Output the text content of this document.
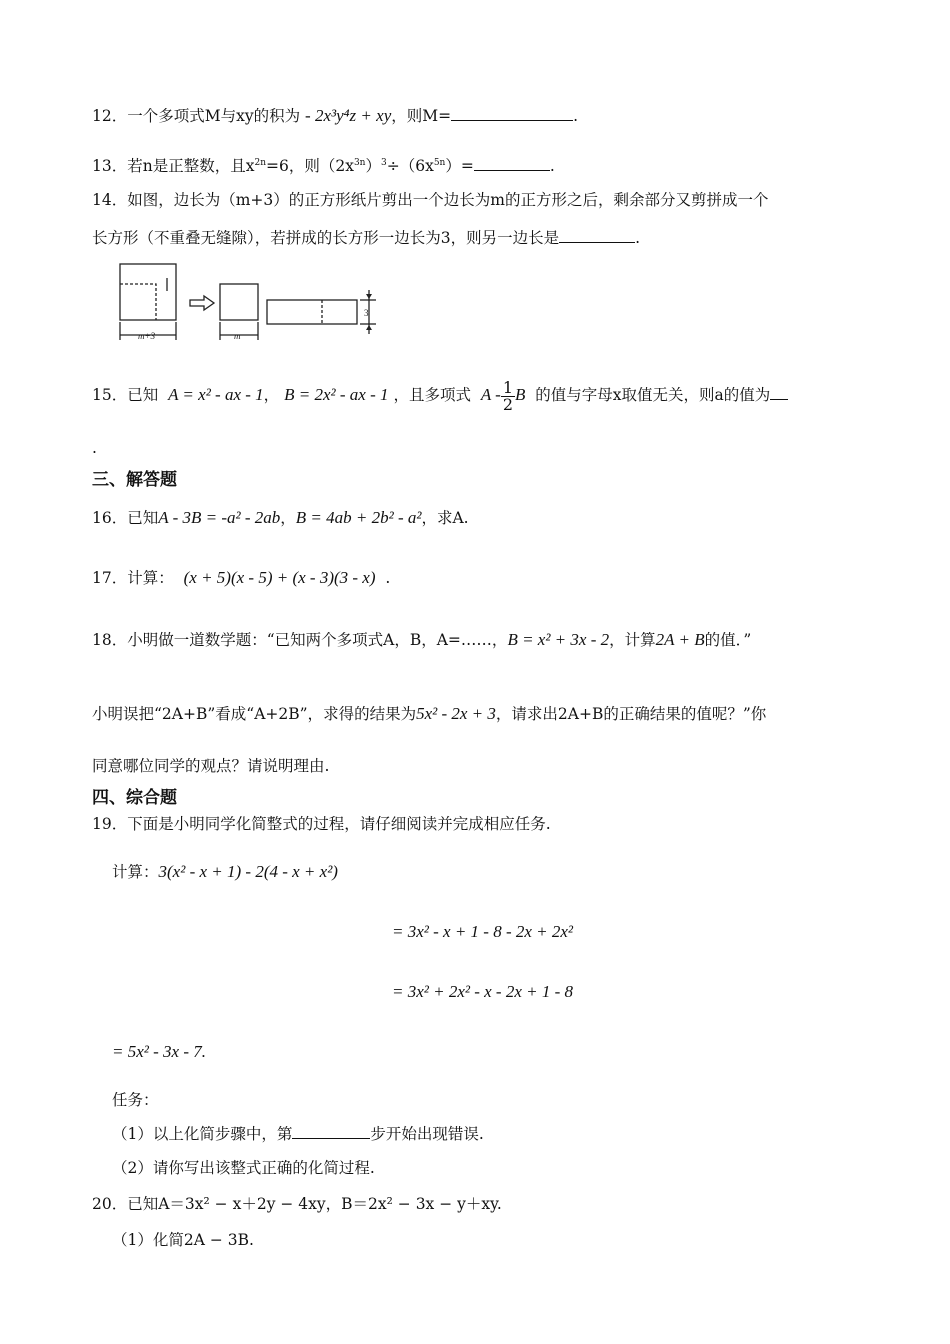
12．一个多项式M与xy的积为 - 2x³y⁴z + xy，则M=	.
13．若n是正整数，且$x^{2n}=6$，则$(2x^{3n})^3\div(6x^{5n})=$	.
14．如图，边长为（m+3）的正方形纸片剪出一个边长为m的正方形之后，剩余部分又剪拼成一个
长方形（不重叠无缝隙），若拼成的长方形一边长为3，则另一边长是	.
m+3	m
3
15．已知 A = x² - ax - 1， B = 2x² - ax - 1 ，且多项式 A - $\frac{1}{2}$ B 的值与字母x取值无关，则a的值为
.
三、解答题
16．已知A - 3B = -a² - 2ab，B = 4ab + 2b² - a²，求A.
17．计算： (x + 5)(x - 5) + (x - 3)(3 - x) .
18．小明做一道数学题：“已知两个多项式A，B，A=……，B = x² + 3x - 2，计算2A + B的值．”
小明误把“2A+B”看成“A+2B”，求得的结果为5x² - 2x + 3，请求出2A+B的正确结果的值呢？”你
同意哪位同学的观点？请说明理由.
四、综合题
19．下面是小明同学化简整式的过程，请仔细阅读并完成相应任务.
计算：3(x² - x + 1) - 2(4 - x + x²)
= 3x² - x + 1 - 8 - 2x + 2x²
= 3x² + 2x² - x - 2x + 1 - 8
= 5x² - 3x - 7.
任务：
（1）以上化简步骤中，第	步开始出现错误.
（2）请你写出该整式正确的化简过程.
20．已知A＝3x² − x＋2y − 4xy，B＝2x² − 3x − y＋xy.
（1）化简2A − 3B.
